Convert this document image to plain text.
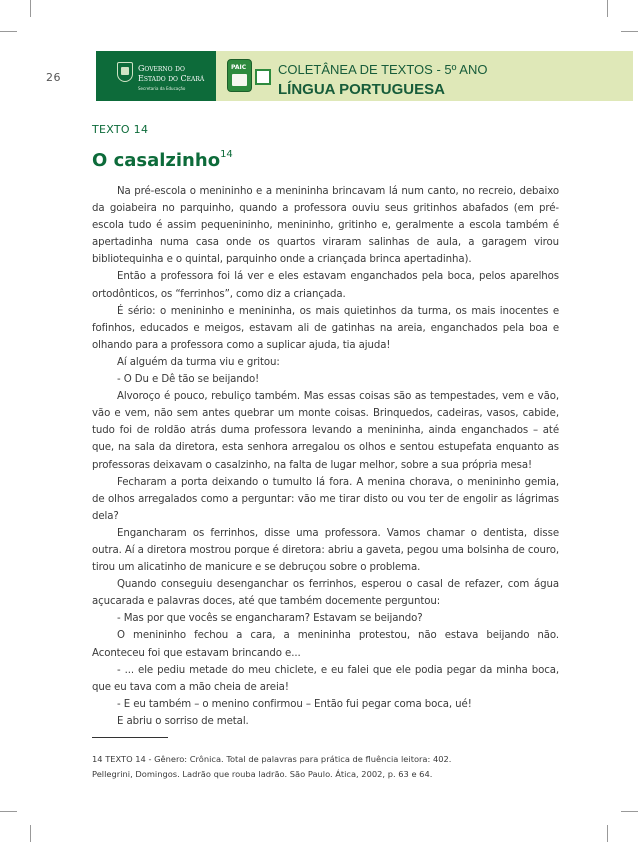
26
Governo do
Estado do Ceará
Secretaria da Educação
PAIC COLETÂNEA DE TEXTOS - 5º ANO
LÍNGUA PORTUGUESA
TEXTO 14
O casalzinho$^{14}$

Na pré-escola o menininho e a menininha brincavam lá num canto, no recreio, debaixo da goiabeira no parquinho, quando a professora ouviu seus gritinhos abafados (em pré-escola tudo é assim pequenininho, menininho, gritinho e, geralmente a escola também é apertadinha numa casa onde os quartos viraram salinhas de aula, a garagem virou bibliotequinha e o quintal, parquinho onde a criançada brinca apertadinha).

Então a professora foi lá ver e eles estavam enganchados pela boca, pelos aparelhos ortodônticos, os “ferrinhos”, como diz a criançada.

É sério: o menininho e menininha, os mais quietinhos da turma, os mais inocentes e fofinhos, educados e meigos, estavam ali de gatinhas na areia, enganchados pela boa e olhando para a professora como a suplicar ajuda, tia ajuda!

Aí alguém da turma viu e gritou:

- O Du e Dê tão se beijando!

Alvoroço é pouco, rebuliço também. Mas essas coisas são as tempestades, vem e vão, vão e vem, não sem antes quebrar um monte coisas. Brinquedos, cadeiras, vasos, cabide, tudo foi de roldão atrás duma professora levando a menininha, ainda enganchados – até que, na sala da diretora, esta senhora arregalou os olhos e sentou estupefata enquanto as professoras deixavam o casalzinho, na falta de lugar melhor, sobre a sua própria mesa!

Fecharam a porta deixando o tumulto lá fora. A menina chorava, o menininho gemia, de olhos arregalados como a perguntar: vão me tirar disto ou vou ter de engolir as lágrimas dela?

Engancharam os ferrinhos, disse uma professora. Vamos chamar o dentista, disse outra. Aí a diretora mostrou porque é diretora: abriu a gaveta, pegou uma bolsinha de couro, tirou um alicatinho de manicure e se debruçou sobre o problema.

Quando conseguiu desenganchar os ferrinhos, esperou o casal de refazer, com água açucarada e palavras doces, até que também docemente perguntou:

- Mas por que vocês se engancharam? Estavam se beijando?

O menininho fechou a cara, a menininha protestou, não estava beijando não. Aconteceu foi que estavam brincando e...

- ... ele pediu metade do meu chiclete, e eu falei que ele podia pegar da minha boca, que eu tava com a mão cheia de areia!

- E eu também – o menino confirmou – Então fui pegar coma boca, ué!

E abriu o sorriso de metal.

14 TEXTO 14 - Gênero: Crônica. Total de palavras para prática de fluência leitora: 402.
Pellegrini, Domingos. Ladrão que rouba ladrão. São Paulo. Ática, 2002, p. 63 e 64.
